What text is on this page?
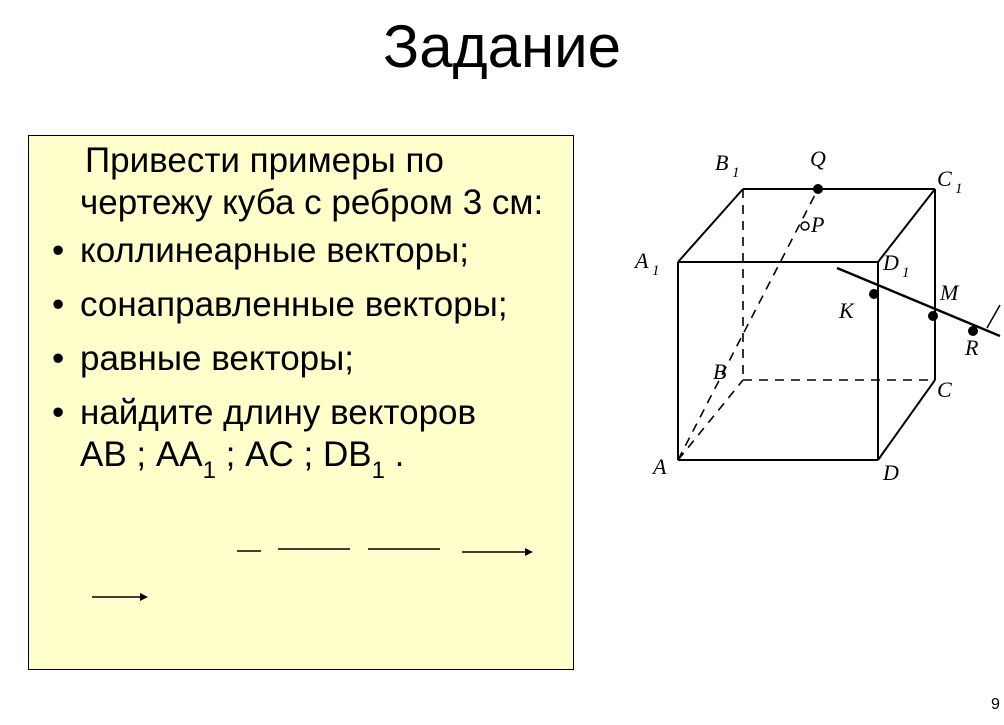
Задание

Привести примеры по чертежу куба с ребром 3 см:

• коллинеарные векторы;
• сонаправленные векторы;
• равные векторы;
• найдите длину векторов
AB ; $AA_1$ ; AC ; $DB_1$ .
A 1
B 1
Q
C 1
P
D 1
M
K
R
B
C
A	D
9
